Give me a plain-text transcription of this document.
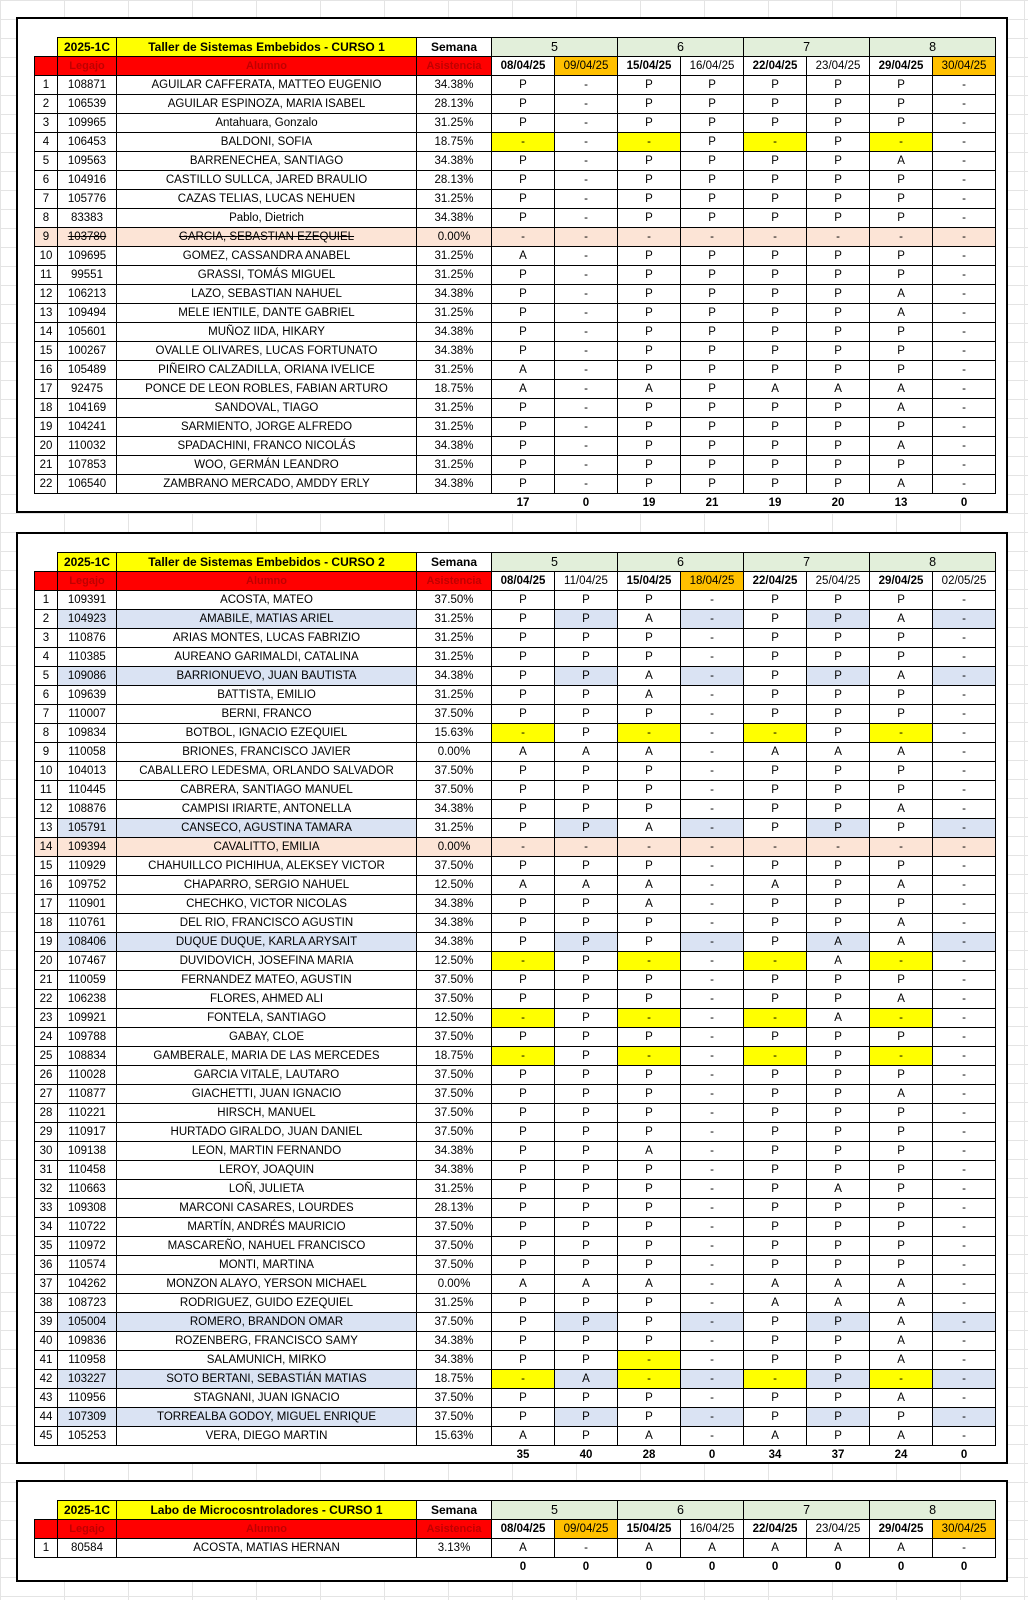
	2025-1C	Taller de Sistemas Embebidos - CURSO 1	Semana	5		6		7		8	
	Legajo	Alumno	Asistencia	08/04/25	09/04/25	15/04/25	16/04/25	22/04/25	23/04/25	29/04/25	30/04/25
1	108871	AGUILAR CAFFERATA, MATTEO EUGENIO	34.38%	P	-	P	P	P	P	P	-
2	106539	AGUILAR ESPINOZA, MARIA ISABEL	28.13%	P	-	P	P	P	P	P	-
3	109965	Antahuara, Gonzalo	31.25%	P	-	P	P	P	P	P	-
4	106453	BALDONI, SOFIA	18.75%	-	-	-	P	-	P	-	-
5	109563	BARRENECHEA, SANTIAGO	34.38%	P	-	P	P	P	P	A	-
6	104916	CASTILLO SULLCA, JARED BRAULIO	28.13%	P	-	P	P	P	P	P	-
7	105776	CAZAS TELIAS, LUCAS NEHUEN	31.25%	P	-	P	P	P	P	P	-
8	83383	Pablo, Dietrich	34.38%	P	-	P	P	P	P	P	-
9	103780	GARCIA, SEBASTIAN EZEQUIEL	0.00%	-	-	-	-	-	-	-	-
10	109695	GOMEZ, CASSANDRA ANABEL	31.25%	A	-	P	P	P	P	P	-
11	99551	GRASSI, TOMÁS MIGUEL	31.25%	P	-	P	P	P	P	P	-
12	106213	LAZO, SEBASTIAN NAHUEL	34.38%	P	-	P	P	P	P	A	-
13	109494	MELE IENTILE, DANTE GABRIEL	31.25%	P	-	P	P	P	P	A	-
14	105601	MUÑOZ IIDA, HIKARY	34.38%	P	-	P	P	P	P	P	-
15	100267	OVALLE OLIVARES, LUCAS FORTUNATO	34.38%	P	-	P	P	P	P	P	-
16	105489	PIÑEIRO CALZADILLA, ORIANA IVELICE	31.25%	A	-	P	P	P	P	P	-
17	92475	PONCE DE LEON ROBLES, FABIAN ARTURO	18.75%	A	-	A	P	A	A	A	-
18	104169	SANDOVAL, TIAGO	31.25%	P	-	P	P	P	P	A	-
19	104241	SARMIENTO, JORGE ALFREDO	31.25%	P	-	P	P	P	P	P	-
20	110032	SPADACHINI, FRANCO NICOLÁS	34.38%	P	-	P	P	P	P	A	-
21	107853	WOO, GERMÁN LEANDRO	31.25%	P	-	P	P	P	P	P	-
22	106540	ZAMBRANO MERCADO, AMDDY ERLY	34.38%	P	-	P	P	P	P	A	-
				17	0	19	21	19	20	13	0
	2025-1C	Taller de Sistemas Embebidos - CURSO 2	Semana	5		6		7		8	
	Legajo	Alumno	Asistencia	08/04/25	11/04/25	15/04/25	18/04/25	22/04/25	25/04/25	29/04/25	02/05/25
1	109391	ACOSTA, MATEO	37.50%	P	P	P	-	P	P	P	-
2	104923	AMABILE, MATIAS ARIEL	31.25%	P	P	A	-	P	P	A	-
3	110876	ARIAS MONTES, LUCAS FABRIZIO	31.25%	P	P	P	-	P	P	P	-
4	110385	AUREANO GARIMALDI, CATALINA	31.25%	P	P	P	-	P	P	P	-
5	109086	BARRIONUEVO, JUAN BAUTISTA	34.38%	P	P	A	-	P	P	A	-
6	109639	BATTISTA, EMILIO	31.25%	P	P	A	-	P	P	P	-
7	110007	BERNI, FRANCO	37.50%	P	P	P	-	P	P	P	-
8	109834	BOTBOL, IGNACIO EZEQUIEL	15.63%	-	P	-	-	-	P	-	-
9	110058	BRIONES, FRANCISCO JAVIER	0.00%	A	A	A	-	A	A	A	-
10	104013	CABALLERO LEDESMA, ORLANDO SALVADOR	37.50%	P	P	P	-	P	P	P	-
11	110445	CABRERA, SANTIAGO MANUEL	37.50%	P	P	P	-	P	P	P	-
12	108876	CAMPISI IRIARTE, ANTONELLA	34.38%	P	P	P	-	P	P	A	-
13	105791	CANSECO, AGUSTINA TAMARA	31.25%	P	P	A	-	P	P	P	-
14	109394	CAVALITTO, EMILIA	0.00%	-	-	-	-	-	-	-	-
15	110929	CHAHUILLCO PICHIHUA, ALEKSEY VICTOR	37.50%	P	P	P	-	P	P	P	-
16	109752	CHAPARRO, SERGIO NAHUEL	12.50%	A	A	A	-	A	P	A	-
17	110901	CHECHKO, VICTOR NICOLAS	34.38%	P	P	A	-	P	P	P	-
18	110761	DEL RIO, FRANCISCO AGUSTIN	34.38%	P	P	P	-	P	P	A	-
19	108406	DUQUE DUQUE, KARLA ARYSAIT	34.38%	P	P	P	-	P	A	A	-
20	107467	DUVIDOVICH, JOSEFINA MARIA	12.50%	-	P	-	-	-	A	-	-
21	110059	FERNANDEZ MATEO, AGUSTIN	37.50%	P	P	P	-	P	P	P	-
22	106238	FLORES, AHMED ALI	37.50%	P	P	P	-	P	P	A	-
23	109921	FONTELA, SANTIAGO	12.50%	-	P	-	-	-	A	-	-
24	109788	GABAY, CLOE	37.50%	P	P	P	-	P	P	P	-
25	108834	GAMBERALE, MARIA DE LAS MERCEDES	18.75%	-	P	-	-	-	P	-	-
26	110028	GARCIA VITALE, LAUTARO	37.50%	P	P	P	-	P	P	P	-
27	110877	GIACHETTI, JUAN IGNACIO	37.50%	P	P	P	-	P	P	A	-
28	110221	HIRSCH, MANUEL	37.50%	P	P	P	-	P	P	P	-
29	110917	HURTADO GIRALDO, JUAN DANIEL	37.50%	P	P	P	-	P	P	P	-
30	109138	LEON, MARTIN FERNANDO	34.38%	P	P	A	-	P	P	P	-
31	110458	LEROY, JOAQUIN	34.38%	P	P	P	-	P	P	P	-
32	110663	LOÑ, JULIETA	31.25%	P	P	P	-	P	A	P	-
33	109308	MARCONI CASARES, LOURDES	28.13%	P	P	P	-	P	P	P	-
34	110722	MARTÍN, ANDRÉS MAURICIO	37.50%	P	P	P	-	P	P	P	-
35	110972	MASCAREÑO, NAHUEL FRANCISCO	37.50%	P	P	P	-	P	P	P	-
36	110574	MONTI, MARTINA	37.50%	P	P	P	-	P	P	P	-
37	104262	MONZON ALAYO, YERSON MICHAEL	0.00%	A	A	A	-	A	A	A	-
38	108723	RODRIGUEZ, GUIDO EZEQUIEL	31.25%	P	P	P	-	A	A	A	-
39	105004	ROMERO, BRANDON OMAR	37.50%	P	P	P	-	P	P	A	-
40	109836	ROZENBERG, FRANCISCO SAMY	34.38%	P	P	P	-	P	P	A	-
41	110958	SALAMUNICH, MIRKO	34.38%	P	P	-	-	P	P	A	-
42	103227	SOTO BERTANI, SEBASTIÁN MATIAS	18.75%	-	A	-	-	-	P	-	-
43	110956	STAGNANI, JUAN IGNACIO	37.50%	P	P	P	-	P	P	A	-
44	107309	TORREALBA GODOY, MIGUEL ENRIQUE	37.50%	P	P	P	-	P	P	P	-
45	105253	VERA, DIEGO MARTIN	15.63%	A	P	A	-	A	P	A	-
				35	40	28	0	34	37	24	0
	2025-1C	Labo de Microcosntroladores - CURSO 1	Semana	5		6		7		8	
	Legajo	Alumno	Asistencia	08/04/25	09/04/25	15/04/25	16/04/25	22/04/25	23/04/25	29/04/25	30/04/25
1	80584	ACOSTA, MATIAS HERNAN	3.13%	A	-	A	A	A	A	A	-
				0	0	0	0	0	0	0	0
